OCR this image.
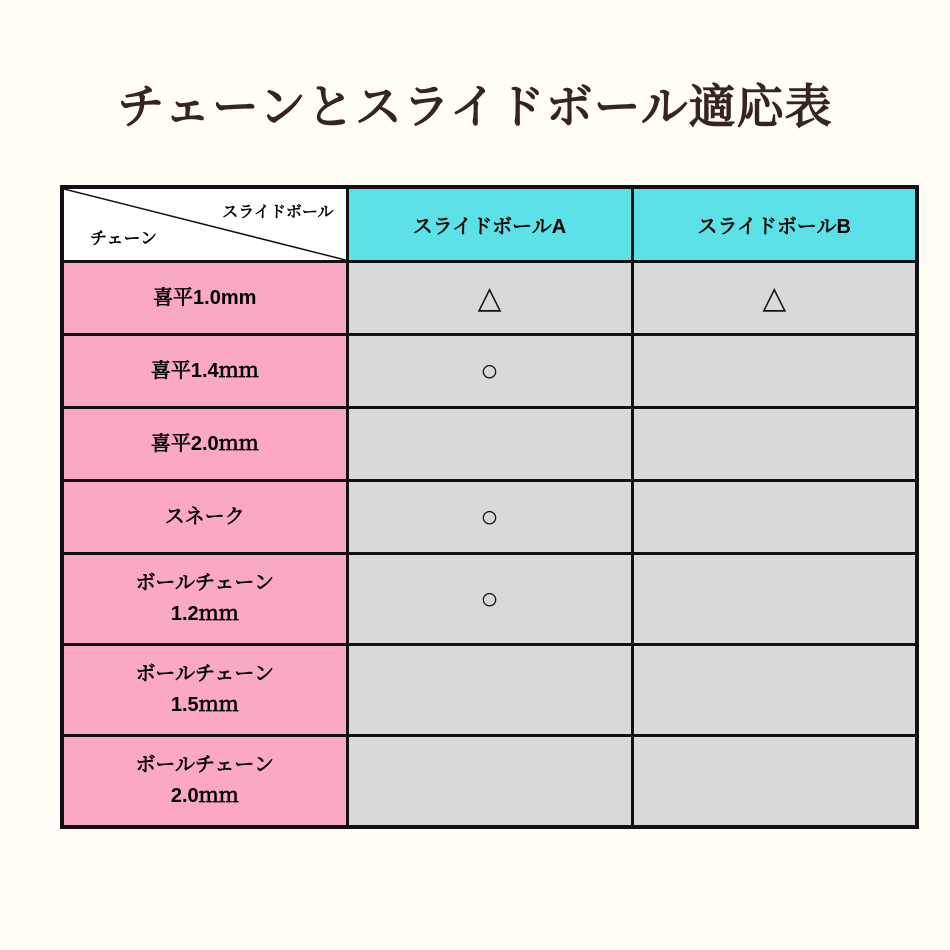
チェーンとスライドボール適応表
スライドボール
チェーン	スライドボールA	スライドボールB

喜平1.0mm	△	△

喜平1.4ｍｍ	○	

喜平2.0ｍｍ		

スネーク	○	

ボールチェーン
1.2ｍｍ	○	

ボールチェーン
1.5ｍｍ		

ボールチェーン
2.0ｍｍ		
